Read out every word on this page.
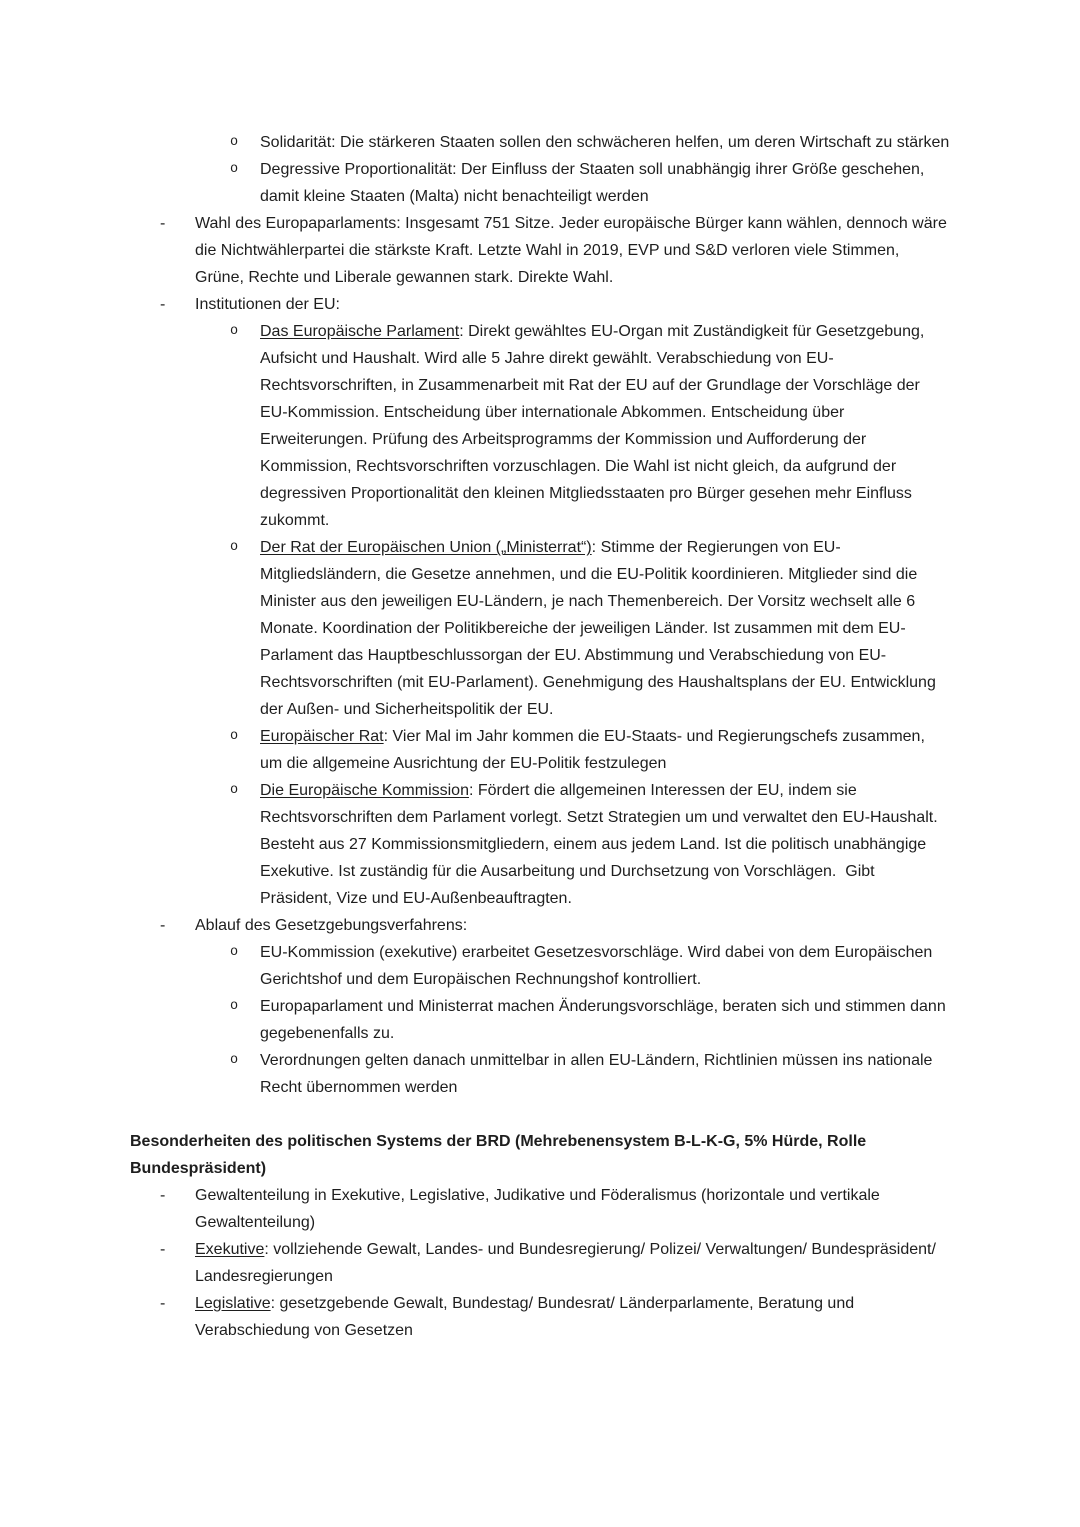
o	Solidarität: Die stärkeren Staaten sollen den schwächeren helfen, um deren Wirtschaft zu stärken
o	Degressive Proportionalität: Der Einfluss der Staaten soll unabhängig ihrer Größe geschehen, damit kleine Staaten (Malta) nicht benachteiligt werden
-	Wahl des Europaparlaments: Insgesamt 751 Sitze. Jeder europäische Bürger kann wählen, dennoch wäre die Nichtwählerpartei die stärkste Kraft. Letzte Wahl in 2019, EVP und S&D verloren viele Stimmen, Grüne, Rechte und Liberale gewannen stark. Direkte Wahl.
-	Institutionen der EU:
o	Das Europäische Parlament: Direkt gewähltes EU-Organ mit Zuständigkeit für Gesetzgebung, Aufsicht und Haushalt. Wird alle 5 Jahre direkt gewählt. Verabschiedung von EU-Rechtsvorschriften, in Zusammenarbeit mit Rat der EU auf der Grundlage der Vorschläge der EU-Kommission. Entscheidung über internationale Abkommen. Entscheidung über Erweiterungen. Prüfung des Arbeitsprogramms der Kommission und Aufforderung der Kommission, Rechtsvorschriften vorzuschlagen. Die Wahl ist nicht gleich, da aufgrund der degressiven Proportionalität den kleinen Mitgliedsstaaten pro Bürger gesehen mehr Einfluss zukommt.
o	Der Rat der Europäischen Union („Ministerrat“): Stimme der Regierungen von EU-Mitgliedsländern, die Gesetze annehmen, und die EU-Politik koordinieren. Mitglieder sind die Minister aus den jeweiligen EU-Ländern, je nach Themenbereich. Der Vorsitz wechselt alle 6 Monate. Koordination der Politikbereiche der jeweiligen Länder. Ist zusammen mit dem EU-Parlament das Hauptbeschlussorgan der EU. Abstimmung und Verabschiedung von EU-Rechtsvorschriften (mit EU-Parlament). Genehmigung des Haushaltsplans der EU. Entwicklung der Außen- und Sicherheitspolitik der EU.
o	Europäischer Rat: Vier Mal im Jahr kommen die EU-Staats- und Regierungschefs zusammen, um die allgemeine Ausrichtung der EU-Politik festzulegen
o	Die Europäische Kommission: Fördert die allgemeinen Interessen der EU, indem sie Rechtsvorschriften dem Parlament vorlegt. Setzt Strategien um und verwaltet den EU-Haushalt. Besteht aus 27 Kommissionsmitgliedern, einem aus jedem Land. Ist die politisch unabhängige Exekutive. Ist zuständig für die Ausarbeitung und Durchsetzung von Vorschlägen.  Gibt Präsident, Vize und EU-Außenbeauftragten.
-	Ablauf des Gesetzgebungsverfahrens:
o	EU-Kommission (exekutive) erarbeitet Gesetzesvorschläge. Wird dabei von dem Europäischen Gerichtshof und dem Europäischen Rechnungshof kontrolliert.
o	Europaparlament und Ministerrat machen Änderungsvorschläge, beraten sich und stimmen dann gegebenenfalls zu.
o	Verordnungen gelten danach unmittelbar in allen EU-Ländern, Richtlinien müssen ins nationale Recht übernommen werden

Besonderheiten des politischen Systems der BRD (Mehrebenensystem B-L-K-G, 5% Hürde, Rolle Bundespräsident)

-	Gewaltenteilung in Exekutive, Legislative, Judikative und Föderalismus (horizontale und vertikale Gewaltenteilung)
-	Exekutive: vollziehende Gewalt, Landes- und Bundesregierung/ Polizei/ Verwaltungen/ Bundespräsident/ Landesregierungen
-	Legislative: gesetzgebende Gewalt, Bundestag/ Bundesrat/ Länderparlamente, Beratung und Verabschiedung von Gesetzen
